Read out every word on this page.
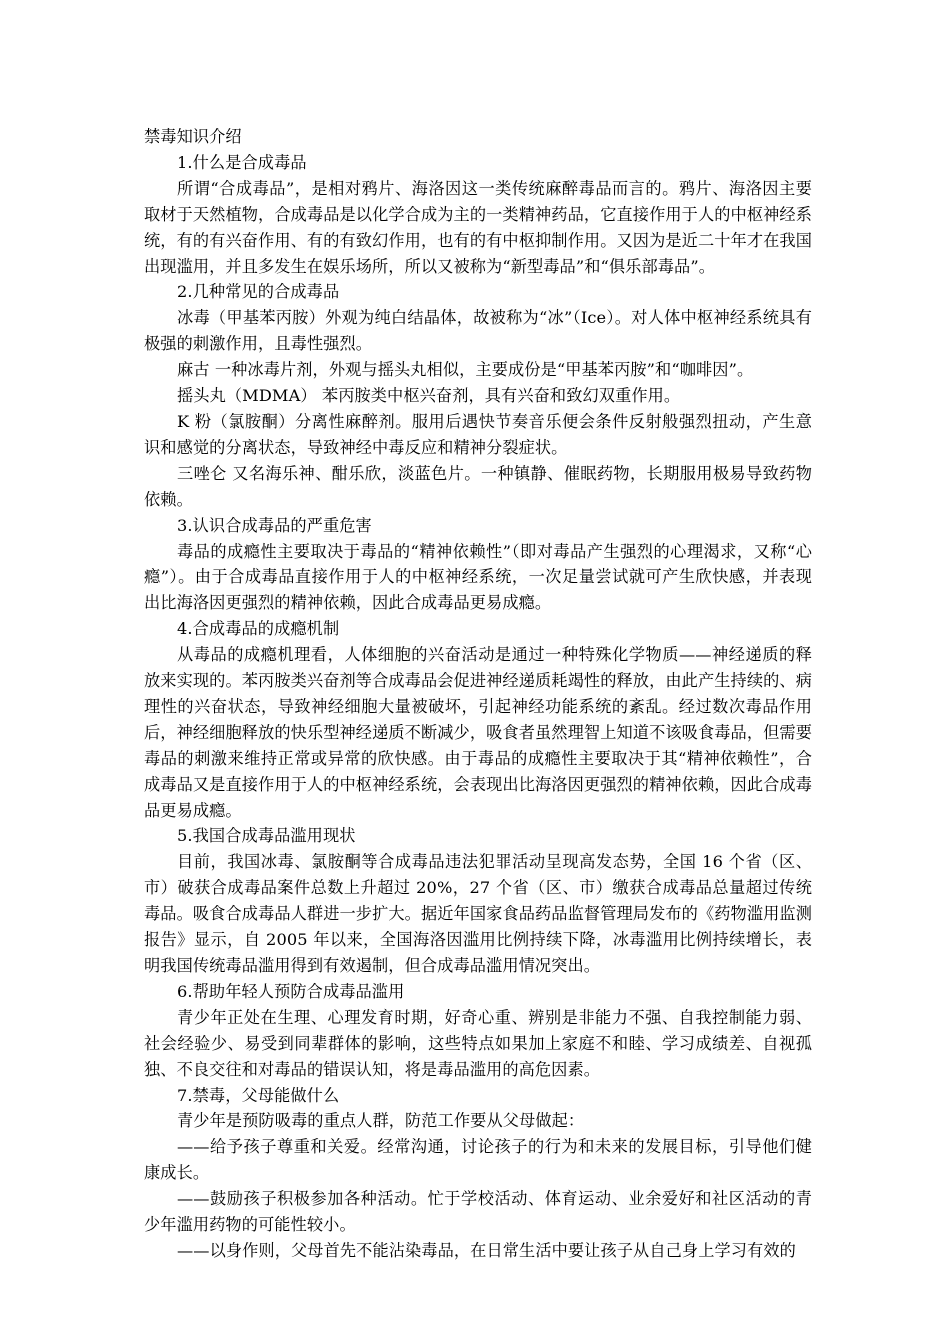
禁毒知识介绍

1.什么是合成毒品

所谓“合成毒品”，是相对鸦片、海洛因这一类传统麻醉毒品而言的。鸦片、海洛因主要取材于天然植物，合成毒品是以化学合成为主的一类精神药品，它直接作用于人的中枢神经系统，有的有兴奋作用、有的有致幻作用，也有的有中枢抑制作用。又因为是近二十年才在我国出现滥用，并且多发生在娱乐场所，所以又被称为“新型毒品”和“俱乐部毒品”。

2.几种常见的合成毒品

冰毒（甲基苯丙胺）外观为纯白结晶体，故被称为“冰”（Ice）。对人体中枢神经系统具有极强的刺激作用，且毒性强烈。

麻古 一种冰毒片剂，外观与摇头丸相似，主要成份是“甲基苯丙胺”和“咖啡因”。

摇头丸（MDMA） 苯丙胺类中枢兴奋剂，具有兴奋和致幻双重作用。

K 粉（氯胺酮）分离性麻醉剂。服用后遇快节奏音乐便会条件反射般强烈扭动，产生意识和感觉的分离状态，导致神经中毒反应和精神分裂症状。

三唑仑 又名海乐神、酣乐欣，淡蓝色片。一种镇静、催眠药物，长期服用极易导致药物依赖。

3.认识合成毒品的严重危害

毒品的成瘾性主要取决于毒品的“精神依赖性”（即对毒品产生强烈的心理渴求，又称“心瘾”）。由于合成毒品直接作用于人的中枢神经系统，一次足量尝试就可产生欣快感，并表现出比海洛因更强烈的精神依赖，因此合成毒品更易成瘾。

4.合成毒品的成瘾机制

从毒品的成瘾机理看，人体细胞的兴奋活动是通过一种特殊化学物质——神经递质的释放来实现的。苯丙胺类兴奋剂等合成毒品会促进神经递质耗竭性的释放，由此产生持续的、病理性的兴奋状态，导致神经细胞大量被破坏，引起神经功能系统的紊乱。经过数次毒品作用后，神经细胞释放的快乐型神经递质不断减少，吸食者虽然理智上知道不该吸食毒品，但需要毒品的刺激来维持正常或异常的欣快感。由于毒品的成瘾性主要取决于其“精神依赖性”，合成毒品又是直接作用于人的中枢神经系统，会表现出比海洛因更强烈的精神依赖，因此合成毒品更易成瘾。

5.我国合成毒品滥用现状

目前，我国冰毒、氯胺酮等合成毒品违法犯罪活动呈现高发态势，全国 16 个省（区、市）破获合成毒品案件总数上升超过 20%，27 个省（区、市）缴获合成毒品总量超过传统毒品。吸食合成毒品人群进一步扩大。据近年国家食品药品监督管理局发布的《药物滥用监测报告》显示，自 2005 年以来，全国海洛因滥用比例持续下降，冰毒滥用比例持续增长，表明我国传统毒品滥用得到有效遏制，但合成毒品滥用情况突出。

6.帮助年轻人预防合成毒品滥用

青少年正处在生理、心理发育时期，好奇心重、辨别是非能力不强、自我控制能力弱、社会经验少、易受到同辈群体的影响，这些特点如果加上家庭不和睦、学习成绩差、自视孤独、不良交往和对毒品的错误认知，将是毒品滥用的高危因素。

7.禁毒，父母能做什么

青少年是预防吸毒的重点人群，防范工作要从父母做起：

——给予孩子尊重和关爱。经常沟通，讨论孩子的行为和未来的发展目标，引导他们健康成长。

——鼓励孩子积极参加各种活动。忙于学校活动、体育运动、业余爱好和社区活动的青少年滥用药物的可能性较小。

——以身作则，父母首先不能沾染毒品，在日常生活中要让孩子从自己身上学习有效的
